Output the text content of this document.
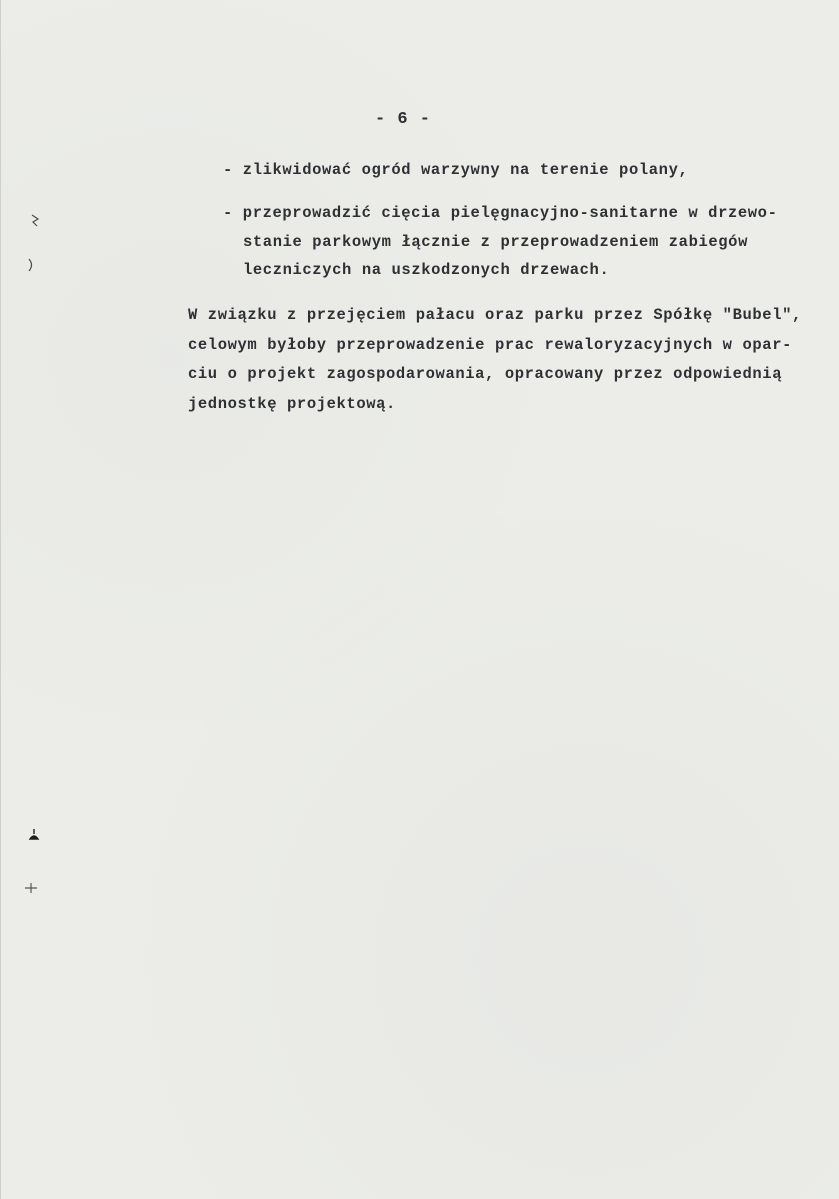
- 6 -
- zlikwidować ogród warzywny na terenie polany,
- przeprowadzić cięcia pielęgnacyjno-sanitarne w drzewo-
stanie parkowym łącznie z przeprowadzeniem zabiegów
leczniczych na uszkodzonych drzewach.
W związku z przejęciem pałacu oraz parku przez Spółkę "Bubel",
celowym byłoby przeprowadzenie prac rewaloryzacyjnych w opar-
ciu o projekt zagospodarowania, opracowany przez odpowiednią
jednostkę projektową.
